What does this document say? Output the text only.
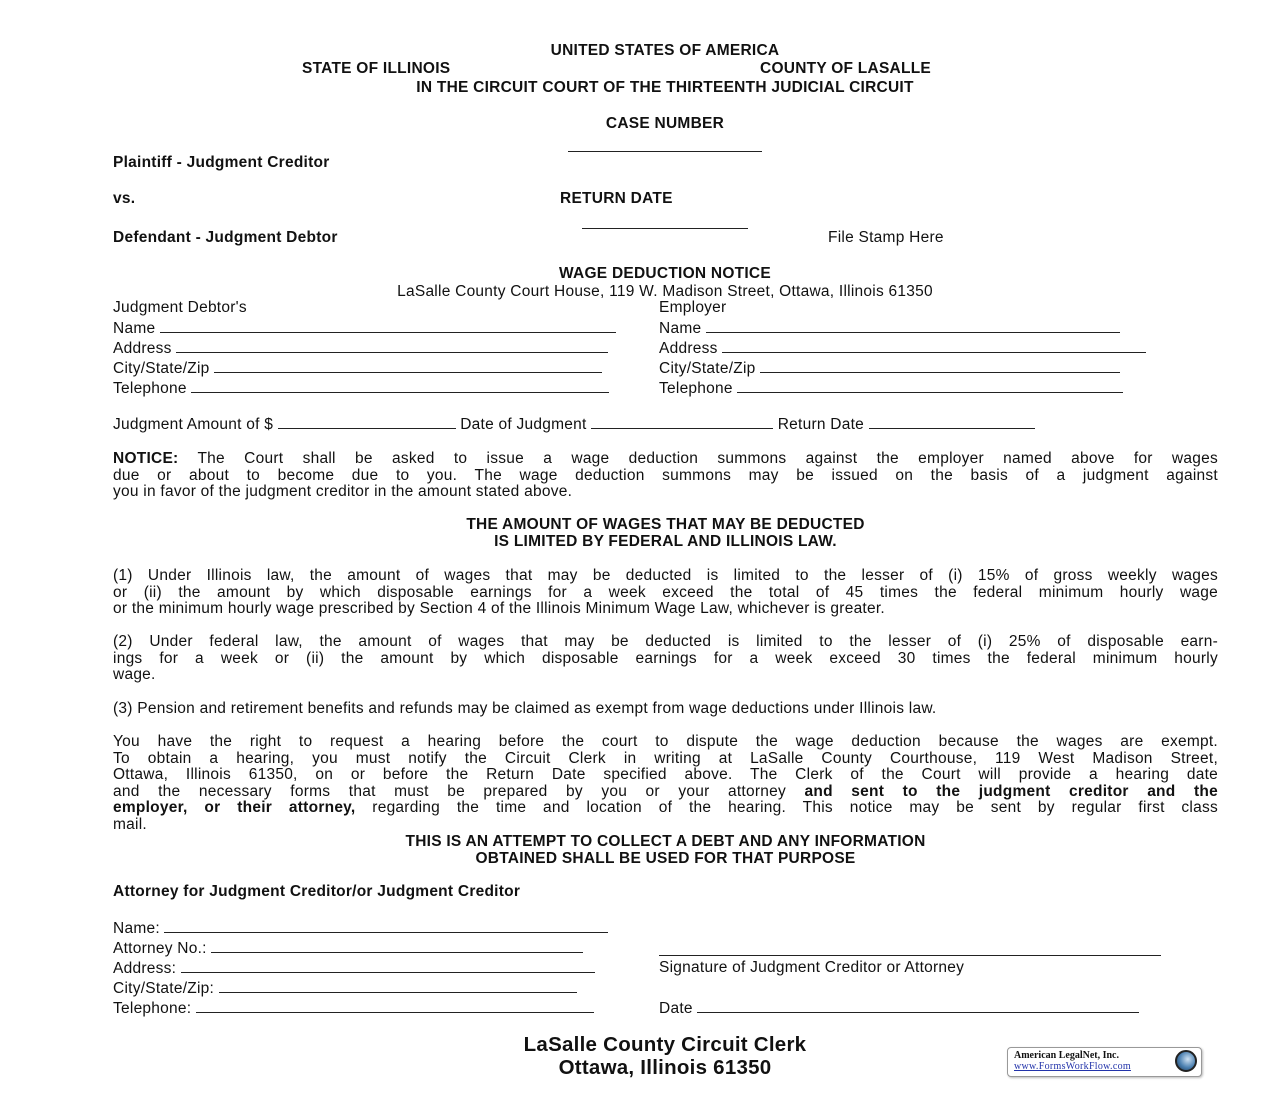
UNITED STATES OF AMERICA
STATE OF ILLINOIS	COUNTY OF LASALLE
IN THE CIRCUIT COURT OF THE THIRTEENTH JUDICIAL CIRCUIT
CASE NUMBER
Plaintiff - Judgment Creditor
vs.	RETURN DATE
Defendant - Judgment Debtor	File Stamp Here
WAGE DEDUCTION NOTICE
LaSalle County Court House, 119 W. Madison Street, Ottawa, Illinois 61350
Judgment Debtor's
Name
Address
City/State/Zip
Telephone
Employer
Name
Address
City/State/Zip
Telephone
Judgment Amount of $	Date of Judgment	Return Date
NOTICE: The Court shall be asked to issue a wage deduction summons against the employer named above for wages
due or about to become due to you. The wage deduction summons may be issued on the basis of a judgment against
you in favor of the judgment creditor in the amount stated above.
THE AMOUNT OF WAGES THAT MAY BE DEDUCTED
IS LIMITED BY FEDERAL AND ILLINOIS LAW.
(1) Under Illinois law, the amount of wages that may be deducted is limited to the lesser of (i) 15% of gross weekly wages
or (ii) the amount by which disposable earnings for a week exceed the total of 45 times the federal minimum hourly wage
or the minimum hourly wage prescribed by Section 4 of the Illinois Minimum Wage Law, whichever is greater.
(2) Under federal law, the amount of wages that may be deducted is limited to the lesser of (i) 25% of disposable earn-
ings for a week or (ii) the amount by which disposable earnings for a week exceed 30 times the federal minimum hourly
wage.
(3) Pension and retirement benefits and refunds may be claimed as exempt from wage deductions under Illinois law.
You have the right to request a hearing before the court to dispute the wage deduction because the wages are exempt.
To obtain a hearing, you must notify the Circuit Clerk in writing at LaSalle County Courthouse, 119 West Madison Street,
Ottawa, Illinois 61350, on or before the Return Date specified above. The Clerk of the Court will provide a hearing date
and the necessary forms that must be prepared by you or your attorney and sent to the judgment creditor and the
employer, or their attorney, regarding the time and location of the hearing. This notice may be sent by regular first class
mail.
THIS IS AN ATTEMPT TO COLLECT A DEBT AND ANY INFORMATION
OBTAINED SHALL BE USED FOR THAT PURPOSE
Attorney for Judgment Creditor/or Judgment Creditor
Name:
Attorney No.:
Address:
City/State/Zip:
Telephone:
Signature of Judgment Creditor or Attorney
Date
LaSalle County Circuit Clerk
Ottawa, Illinois 61350
American LegalNet, Inc.
www.FormsWorkFlow.com
